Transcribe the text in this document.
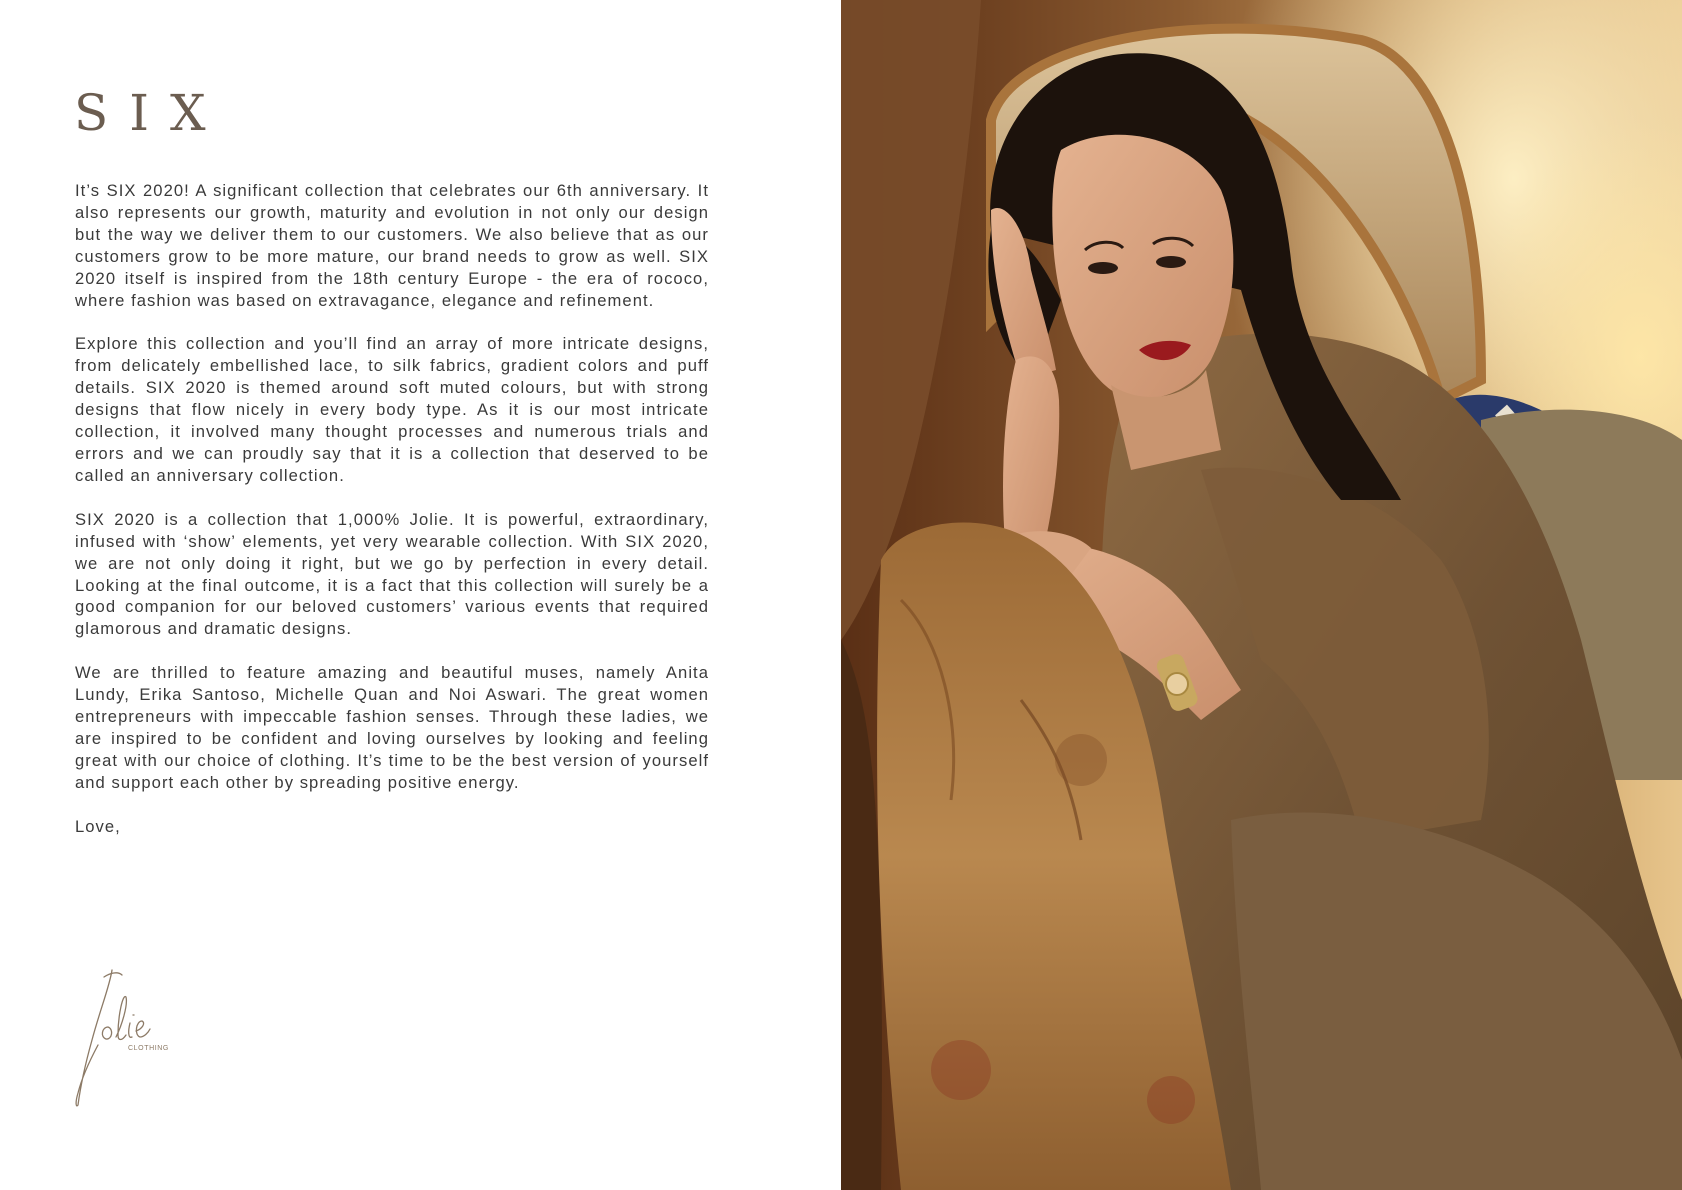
SIX

It’s SIX 2020! A significant collection that celebrates our 6th anniversary. It also represents our growth, maturity and evolution in not only our design but the way we deliver them to our customers. We also believe that as our customers grow to be more mature, our brand needs to grow as well. SIX 2020 itself is inspired from the 18th century Europe - the era of rococo, where fashion was based on extravagance, elegance and refinement.

Explore this collection and you’ll find an array of more intricate designs, from delicately embellished lace, to silk fabrics, gradient colors and puff details. SIX 2020 is themed around soft muted colours, but with strong designs that flow nicely in every body type. As it is our most intricate collection, it involved many thought processes and numerous trials and errors and we can proudly say that it is a collection that deserved to be called an anniversary collection.

SIX 2020 is a collection that 1,000% Jolie. It is powerful, extraordinary, infused with ‘show’ elements, yet very wearable collection. With SIX 2020, we are not only doing it right, but we go by perfection in every detail. Looking at the final outcome, it is a fact that this collection will surely be a good companion for our beloved customers’ various events that required glamorous and dramatic designs.

We are thrilled to feature amazing and beautiful muses, namely Anita Lundy, Erika Santoso, Michelle Quan and Noi Aswari. The great women entrepreneurs with impeccable fashion senses. Through these ladies, we are inspired to be confident and loving ourselves by looking and feeling great with our choice of clothing. It’s time to be the best version of yourself and support each other by spreading positive energy.

Love,

CLOTHING
